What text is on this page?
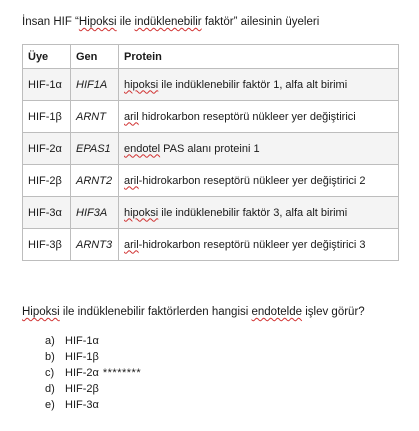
İnsan HIF “Hipoksi ile indüklenebilir faktör” ailesinin üyeleri
Üye	Gen	Protein
HIF-1α	HIF1A	hipoksi ile indüklenebilir faktör 1, alfa alt birimi
HIF-1β	ARNT	aril hidrokarbon reseptörü nükleer yer değiştirici
HIF-2α	EPAS1	endotel PAS alanı proteini 1
HIF-2β	ARNT2	aril-hidrokarbon reseptörü nükleer yer değiştirici 2
HIF-3α	HIF3A	hipoksi ile indüklenebilir faktör 3, alfa alt birimi
HIF-3β	ARNT3	aril-hidrokarbon reseptörü nükleer yer değiştirici 3
Hipoksi ile indüklenebilir faktörlerden hangisi endotelde işlev görür?
a) HIF-1α
b) HIF-1β
c) HIF-2α ********
d) HIF-2β
e) HIF-3α
